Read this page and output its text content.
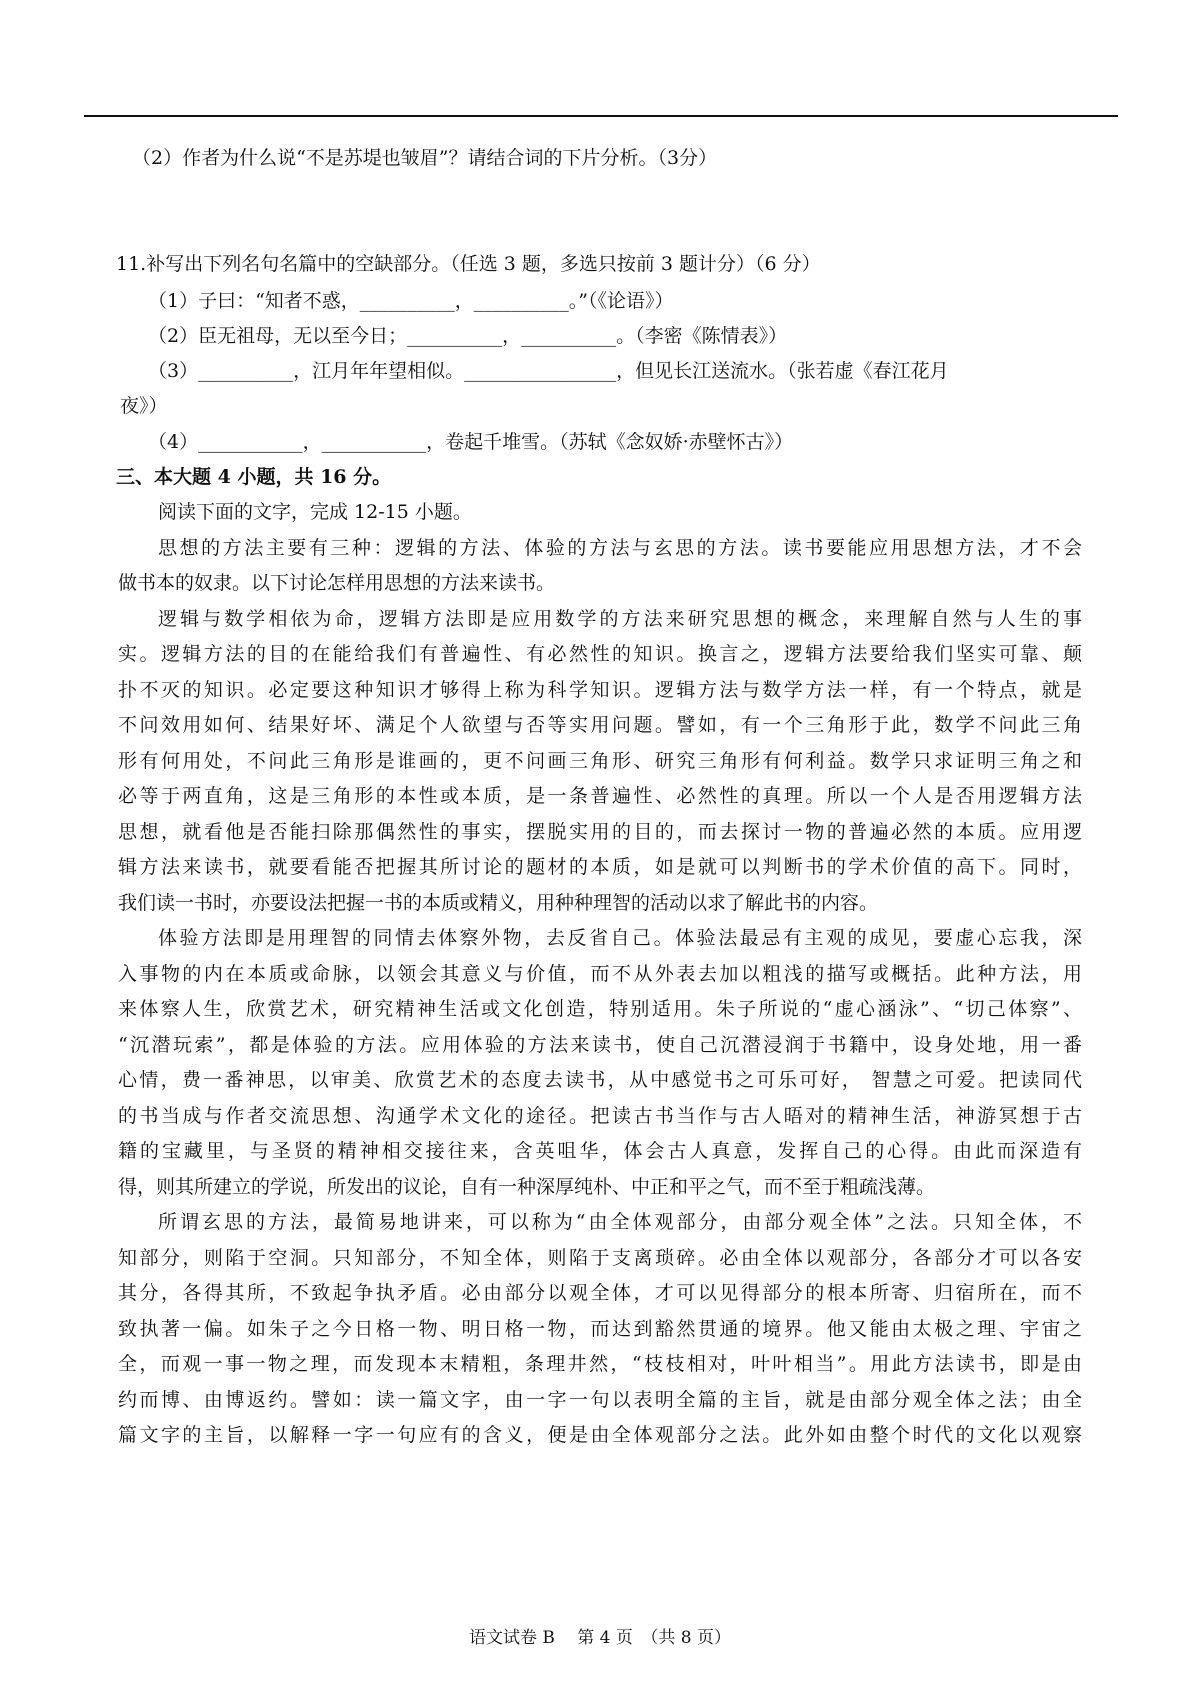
（2）作者为什么说“不是苏堤也皱眉”？请结合词的下片分析。（3分）
11.补写出下列名句名篇中的空缺部分。（任选 3 题，多选只按前 3 题计分）（6 分）
（1）子曰：“知者不惑，__________，__________。”（《论语》）
（2）臣无祖母，无以至今日；__________，__________。（李密《陈情表》）
（3）__________，江月年年望相似。________________，但见长江送流水。（张若虚《春江花月
夜》）
（4）___________，___________，卷起千堆雪。（苏轼《念奴娇·赤壁怀古》）
三、本大题 4 小题，共 16 分。
阅读下面的文字，完成 12-15 小题。
思想的方法主要有三种：逻辑的方法、体验的方法与玄思的方法。读书要能应用思想方法，才不会
做书本的奴隶。以下讨论怎样用思想的方法来读书。
逻辑与数学相依为命，逻辑方法即是应用数学的方法来研究思想的概念，来理解自然与人生的事
实。逻辑方法的目的在能给我们有普遍性、有必然性的知识。换言之，逻辑方法要给我们坚实可靠、颠
扑不灭的知识。必定要这种知识才够得上称为科学知识。逻辑方法与数学方法一样，有一个特点，就是
不问效用如何、结果好坏、满足个人欲望与否等实用问题。譬如，有一个三角形于此，数学不问此三角
形有何用处，不问此三角形是谁画的，更不问画三角形、研究三角形有何利益。数学只求证明三角之和
必等于两直角，这是三角形的本性或本质，是一条普遍性、必然性的真理。所以一个人是否用逻辑方法
思想，就看他是否能扫除那偶然性的事实，摆脱实用的目的，而去探讨一物的普遍必然的本质。应用逻
辑方法来读书，就要看能否把握其所讨论的题材的本质，如是就可以判断书的学术价值的高下。同时，
我们读一书时，亦要设法把握一书的本质或精义，用种种理智的活动以求了解此书的内容。
体验方法即是用理智的同情去体察外物，去反省自己。体验法最忌有主观的成见，要虚心忘我，深
入事物的内在本质或命脉，以领会其意义与价值，而不从外表去加以粗浅的描写或概括。此种方法，用
来体察人生，欣赏艺术，研究精神生活或文化创造，特别适用。朱子所说的“虚心涵泳”、“切己体察”、
“沉潜玩索”，都是体验的方法。应用体验的方法来读书，使自己沉潜浸润于书籍中，设身处地，用一番
心情，费一番神思，以审美、欣赏艺术的态度去读书，从中感觉书之可乐可好， 智慧之可爱。把读同代
的书当成与作者交流思想、沟通学术文化的途径。把读古书当作与古人晤对的精神生活，神游冥想于古
籍的宝藏里，与圣贤的精神相交接往来，含英咀华，体会古人真意，发挥自己的心得。由此而深造有
得，则其所建立的学说，所发出的议论，自有一种深厚纯朴、中正和平之气，而不至于粗疏浅薄。
所谓玄思的方法，最简易地讲来，可以称为“由全体观部分，由部分观全体”之法。只知全体，不
知部分，则陷于空洞。只知部分，不知全体，则陷于支离琐碎。必由全体以观部分，各部分才可以各安
其分，各得其所，不致起争执矛盾。必由部分以观全体，才可以见得部分的根本所寄、归宿所在，而不
致执著一偏。如朱子之今日格一物、明日格一物，而达到豁然贯通的境界。他又能由太极之理、宇宙之
全，而观一事一物之理，而发现本末精粗，条理井然，“枝枝相对，叶叶相当”。用此方法读书，即是由
约而博、由博返约。譬如：读一篇文字，由一字一句以表明全篇的主旨，就是由部分观全体之法；由全
篇文字的主旨，以解释一字一句应有的含义，便是由全体观部分之法。此外如由整个时代的文化以观察
语文试卷 B　 第 4 页　（共 8 页）
